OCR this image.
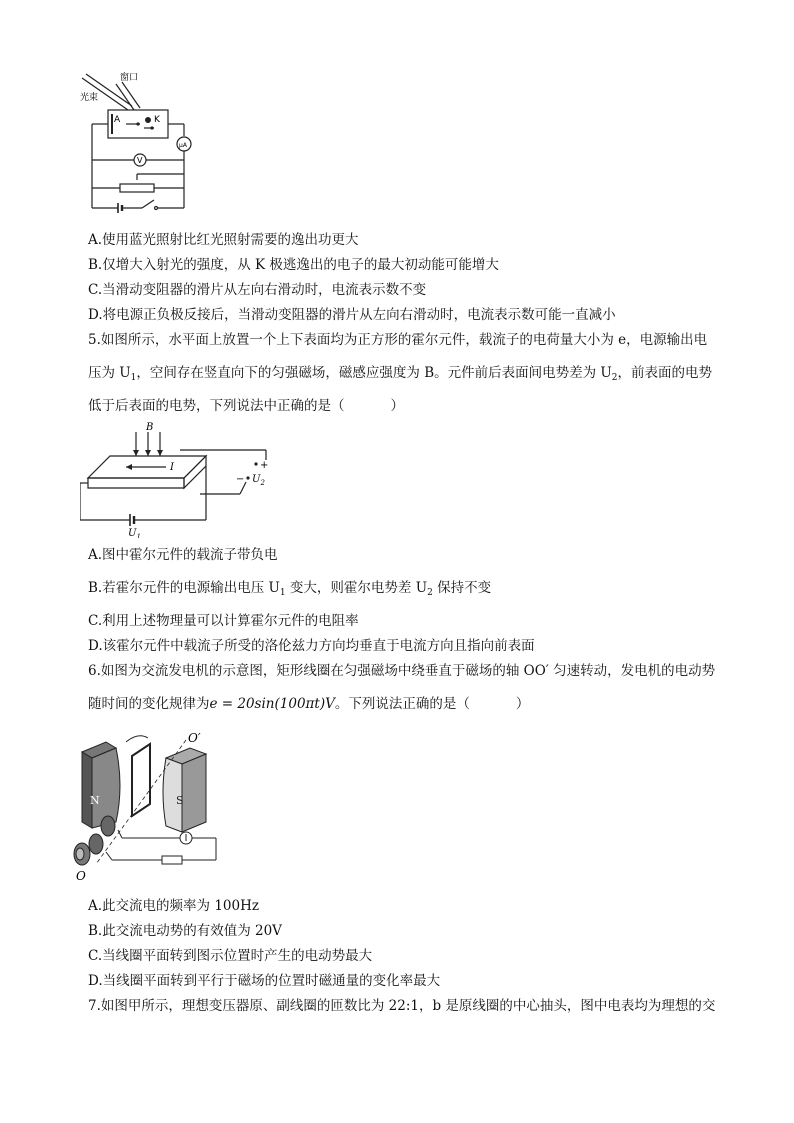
光束
窗口
A	K
μA
V
A.使用蓝光照射比红光照射需要的逸出功更大
B.仅增大入射光的强度，从 K 极逃逸出的电子的最大初动能可能增大
C.当滑动变阻器的滑片从左向右滑动时，电流表示数不变
D.将电源正负极反接后，当滑动变阻器的滑片从左向右滑动时，电流表示数可能一直减小
5.如图所示，水平面上放置一个上下表面均为正方形的霍尔元件，载流子的电荷量大小为 e，电源输出电
压为 $U_1$，空间存在竖直向下的匀强磁场，磁感应强度为 B。元件前后表面间电势差为 $U_2$，前表面的电势
低于后表面的电势，下列说法中正确的是（	）
B
I	+
− $U_2$
$U_1$
A.图中霍尔元件的载流子带负电
B.若霍尔元件的电源输出电压 $U_1$ 变大，则霍尔电势差 $U_2$ 保持不变
C.利用上述物理量可以计算霍尔元件的电阻率
D.该霍尔元件中载流子所受的洛伦兹力方向均垂直于电流方向且指向前表面
6.如图为交流发电机的示意图，矩形线圈在匀强磁场中绕垂直于磁场的轴 OO′ 匀速转动，发电机的电动势
随时间的变化规律为e = 20sin(100πt)V。下列说法正确的是（	）
O′
N	S
O
A.此交流电的频率为 100Hz
B.此交流电动势的有效值为 20V
C.当线圈平面转到图示位置时产生的电动势最大
D.当线圈平面转到平行于磁场的位置时磁通量的变化率最大
7.如图甲所示，理想变压器原、副线圈的匝数比为 22:1，b 是原线圈的中心抽头，图中电表均为理想的交
